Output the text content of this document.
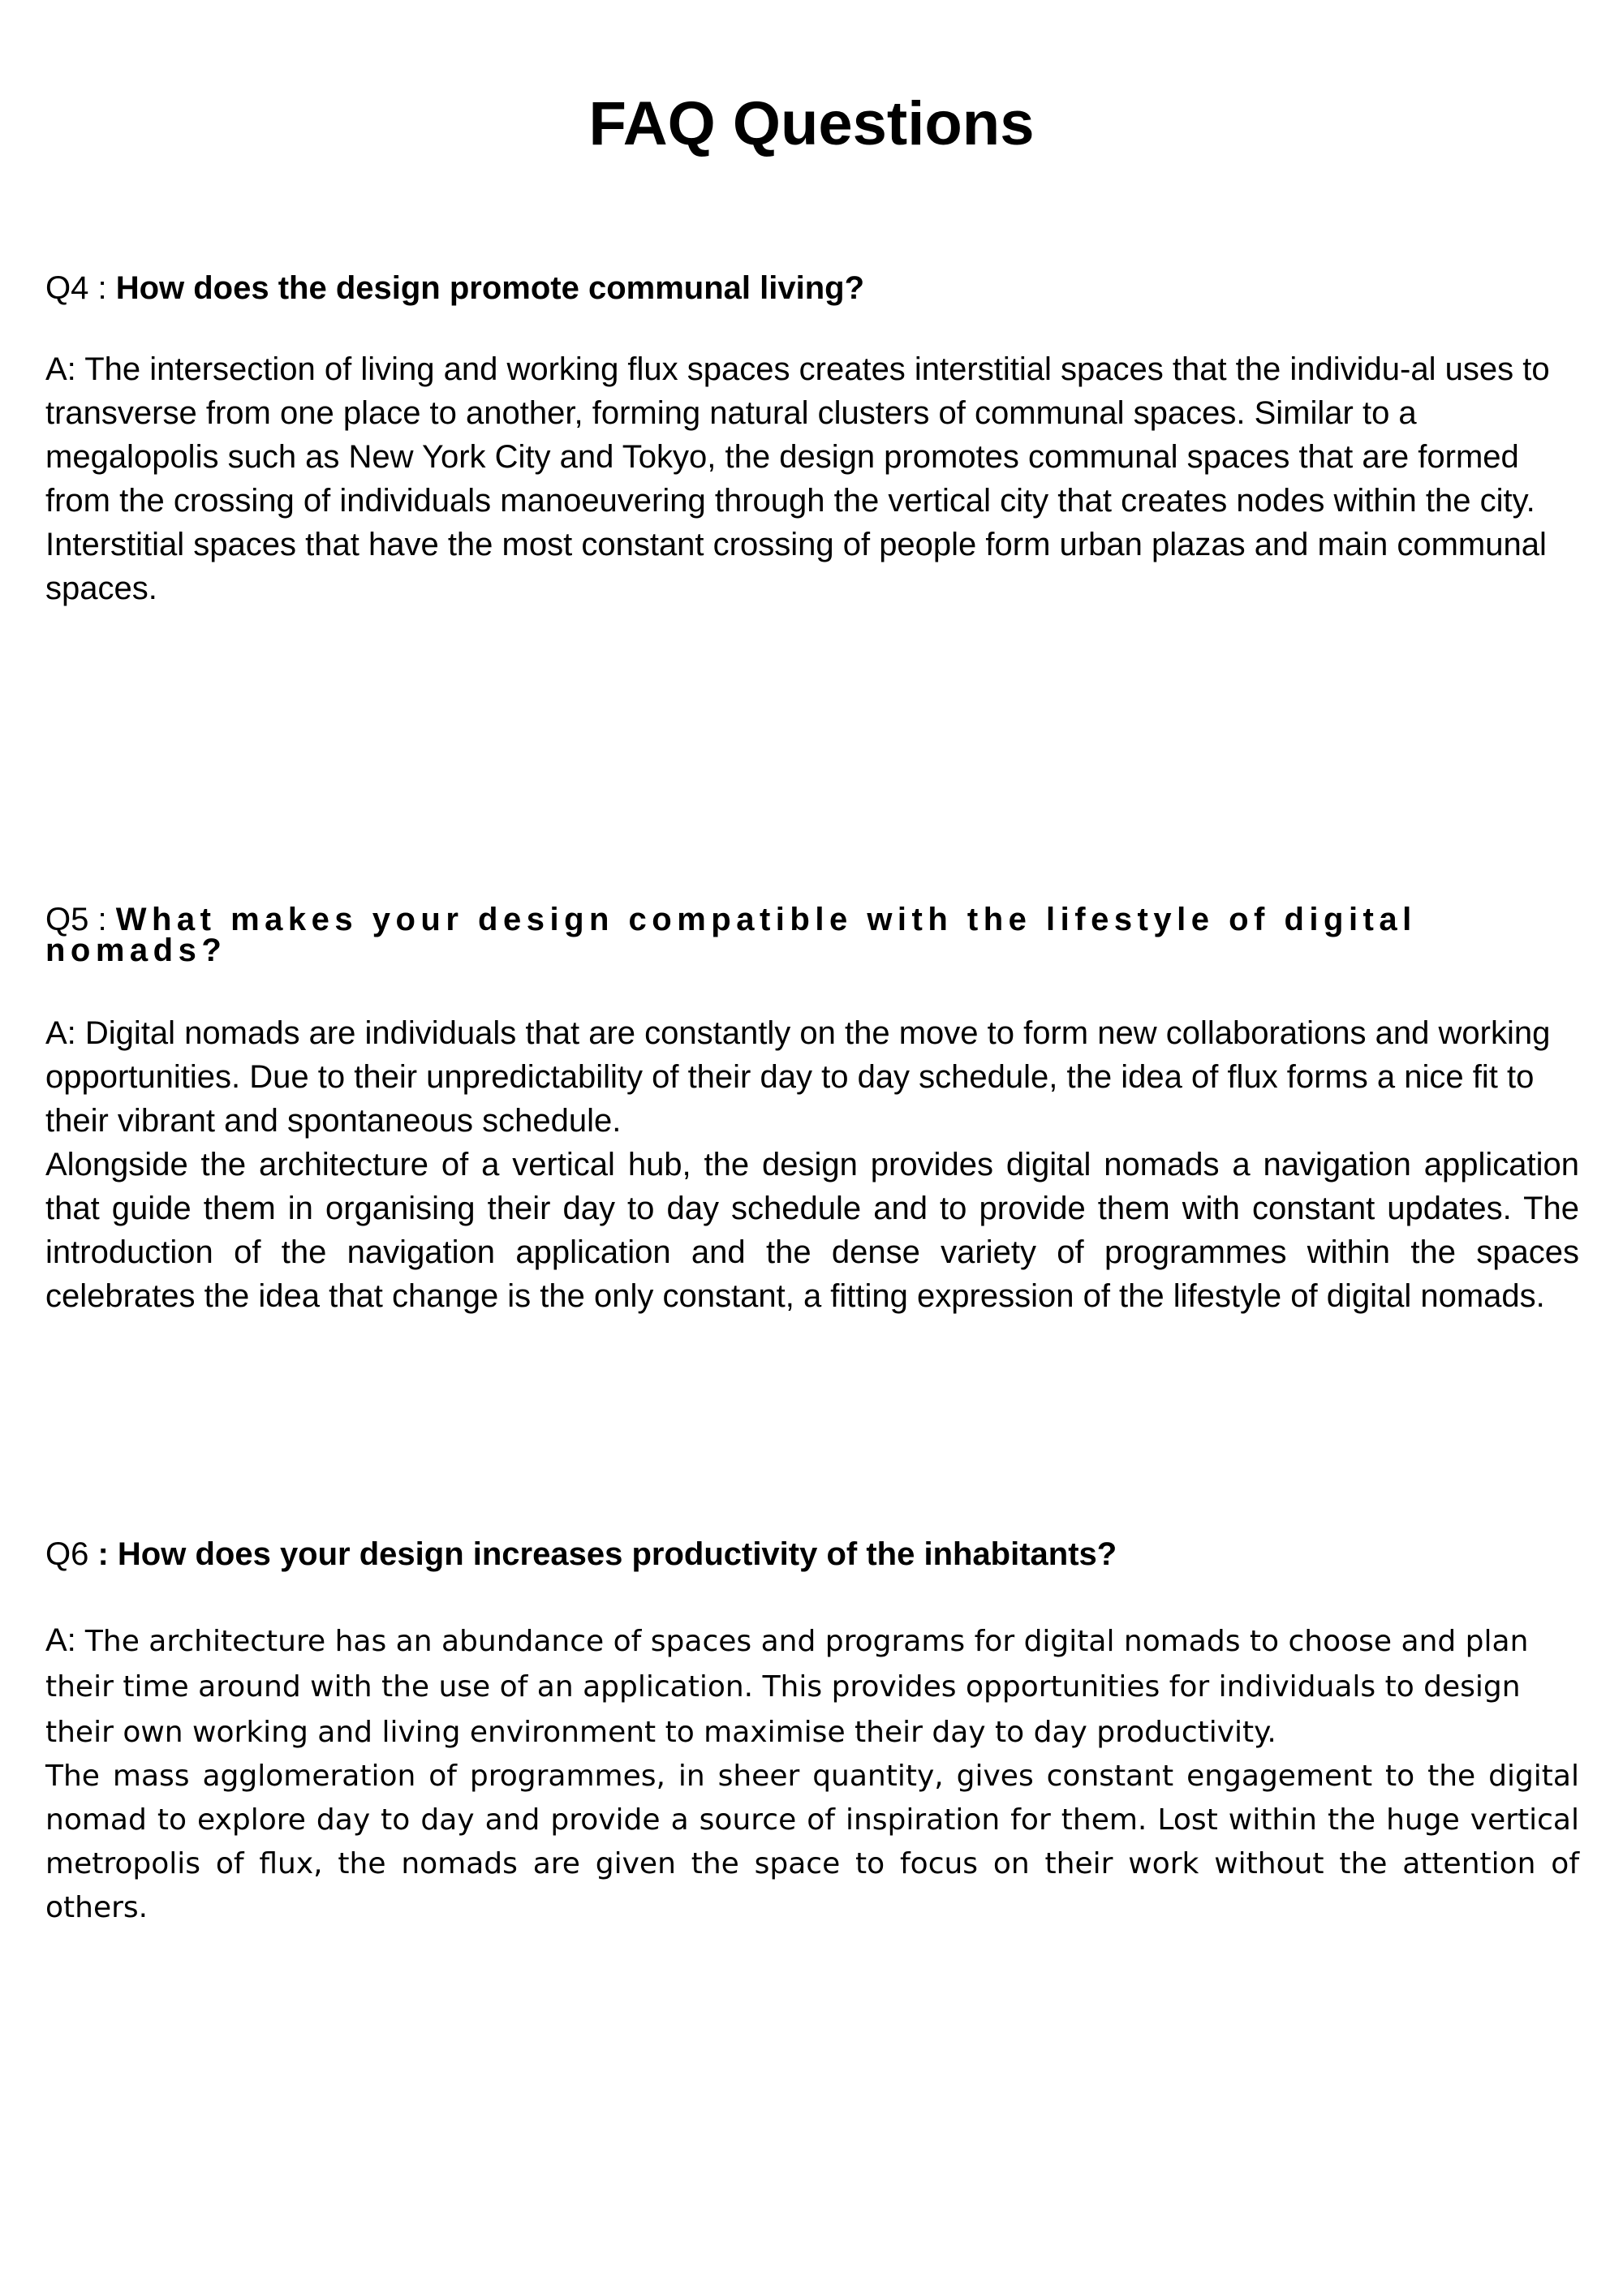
FAQ Questions
Q4 : How does the design promote communal living?

A: The intersection of living and working flux spaces creates interstitial spaces that the individu-al uses to transverse from one place to another, forming natural clusters of communal spaces. Similar to a megalopolis such as New York City and Tokyo, the design promotes communal spaces that are formed from the crossing of individuals manoeuvering through the vertical city that creates nodes within the city. Interstitial spaces that have the most constant crossing of people form urban plazas and main communal spaces.

Q5 : What makes your design compatible with the lifestyle of digital nomads?

A: Digital nomads are individuals that are constantly on the move to form new collaborations and working opportunities. Due to their unpredictability of their day to day schedule, the idea of flux forms a nice fit to their vibrant and spontaneous schedule.

Alongside the architecture of a vertical hub, the design provides digital nomads a navigation application that guide them in organising their day to day schedule and to provide them with constant updates. The introduction of the navigation application and the dense variety of programmes within the spaces celebrates the idea that change is the only constant, a fitting expression of the lifestyle of digital nomads.

Q6 : How does your design increases productivity of the inhabitants?

A: The architecture has an abundance of spaces and programs for digital nomads to choose and plan their time around with the use of an application. This provides opportunities for individuals to design their own working and living environment to maximise their day to day productivity.

The mass agglomeration of programmes, in sheer quantity, gives constant engagement to the digital nomad to explore day to day and provide a source of inspiration for them. Lost within the huge vertical metropolis of flux, the nomads are given the space to focus on their work without the attention of others.
